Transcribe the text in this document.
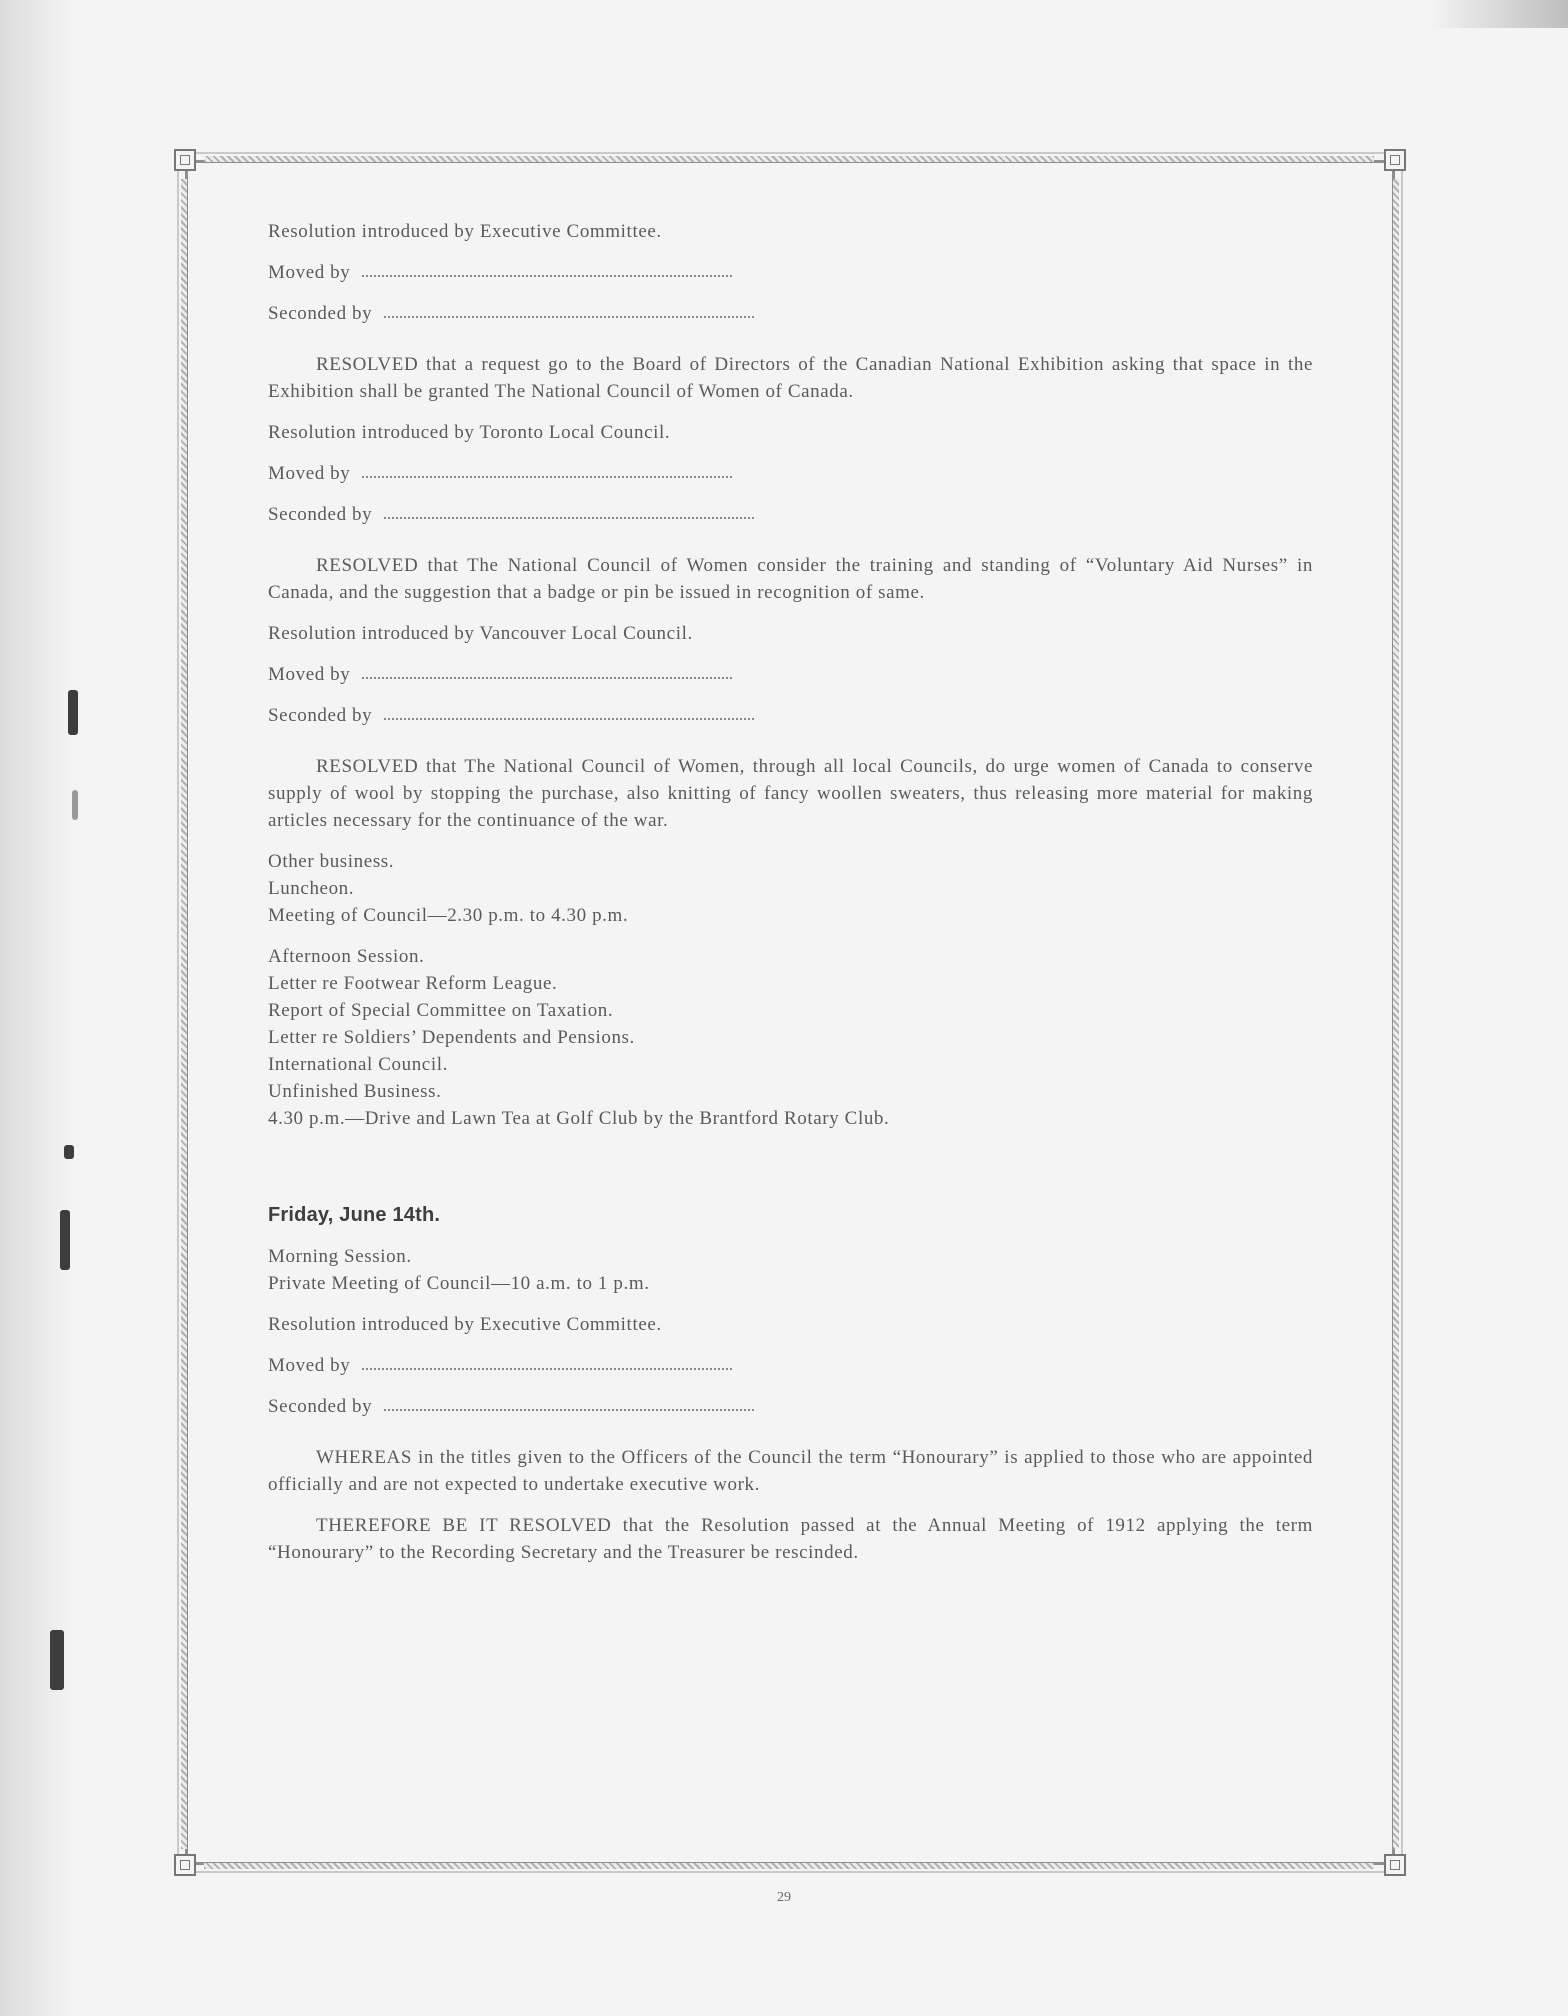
Resolution introduced by Executive Committee.

Moved by

Seconded by

RESOLVED that a request go to the Board of Directors of the Canadian National Exhibition asking that space in the Exhibition shall be granted The National Council of Women of Canada.

Resolution introduced by Toronto Local Council.

Moved by

Seconded by

RESOLVED that The National Council of Women consider the training and standing of “Voluntary Aid Nurses” in Canada, and the suggestion that a badge or pin be issued in recognition of same.

Resolution introduced by Vancouver Local Council.

Moved by

Seconded by

RESOLVED that The National Council of Women, through all local Councils, do urge women of Canada to conserve supply of wool by stopping the purchase, also knitting of fancy woollen sweaters, thus releasing more material for making articles necessary for the continuance of the war.

Other business.

Luncheon.

Meeting of Council—2.30 p.m. to 4.30 p.m.

Afternoon Session.

Letter re Footwear Reform League.

Report of Special Committee on Taxation.

Letter re Soldiers’ Dependents and Pensions.

International Council.

Unfinished Business.

4.30 p.m.—Drive and Lawn Tea at Golf Club by the Brantford Rotary Club.

Friday, June 14th.

Morning Session.

Private Meeting of Council—10 a.m. to 1 p.m.

Resolution introduced by Executive Committee.

Moved by

Seconded by

WHEREAS in the titles given to the Officers of the Council the term “Honourary” is applied to those who are appointed officially and are not expected to undertake executive work.

THEREFORE BE IT RESOLVED that the Resolution passed at the Annual Meeting of 1912 applying the term “Honourary” to the Recording Secretary and the Treasurer be rescinded.

29
